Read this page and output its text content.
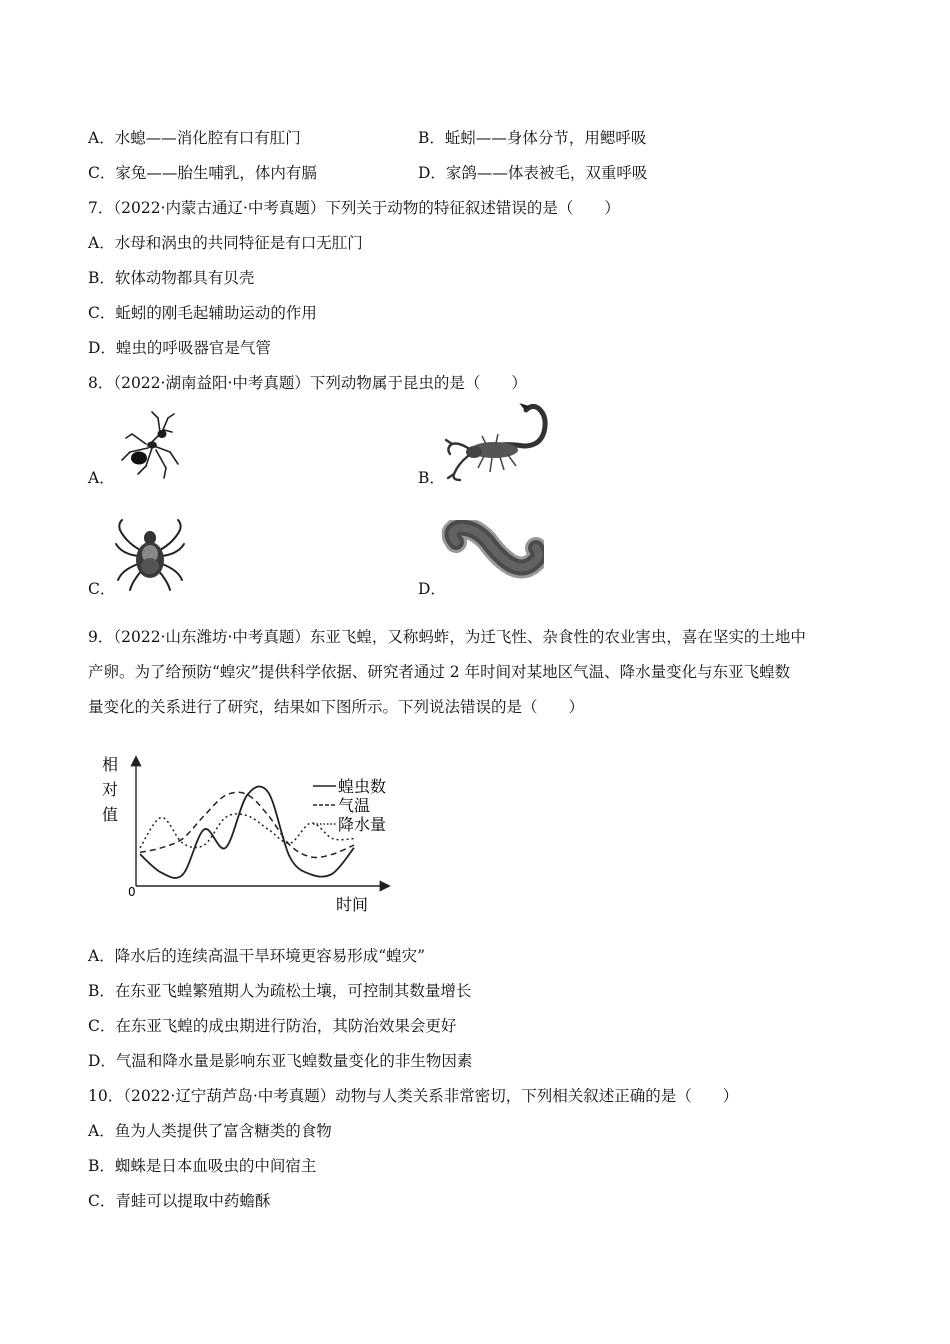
A．水螅——消化腔有口有肛门	B．蚯蚓——身体分节，用鳃呼吸
C．家兔——胎生哺乳，体内有膈	D．家鸽——体表被毛，双重呼吸
7．（2022·内蒙古通辽·中考真题）下列关于动物的特征叙述错误的是（　　）
A．水母和涡虫的共同特征是有口无肛门
B．软体动物都具有贝壳
C．蚯蚓的刚毛起辅助运动的作用
D．蝗虫的呼吸器官是气管
8．（2022·湖南益阳·中考真题）下列动物属于昆虫的是（　　）
A．	B．
C．	D．
9．（2022·山东潍坊·中考真题）东亚飞蝗，又称蚂蚱，为迁飞性、杂食性的农业害虫，喜在坚实的土地中
产卵。为了给预防“蝗灾”提供科学依据、研究者通过 2 年时间对某地区气温、降水量变化与东亚飞蝗数
量变化的关系进行了研究，结果如下图所示。下列说法错误的是（　　）
相
对
值
0
时间
蝗虫数
气温
降水量
A．降水后的连续高温干旱环境更容易形成“蝗灾”
B．在东亚飞蝗繁殖期人为疏松土壤，可控制其数量增长
C．在东亚飞蝗的成虫期进行防治，其防治效果会更好
D．气温和降水量是影响东亚飞蝗数量变化的非生物因素
10．（2022·辽宁葫芦岛·中考真题）动物与人类关系非常密切，下列相关叙述正确的是（　　）
A．鱼为人类提供了富含糖类的食物
B．蜘蛛是日本血吸虫的中间宿主
C．青蛙可以提取中药蟾酥
